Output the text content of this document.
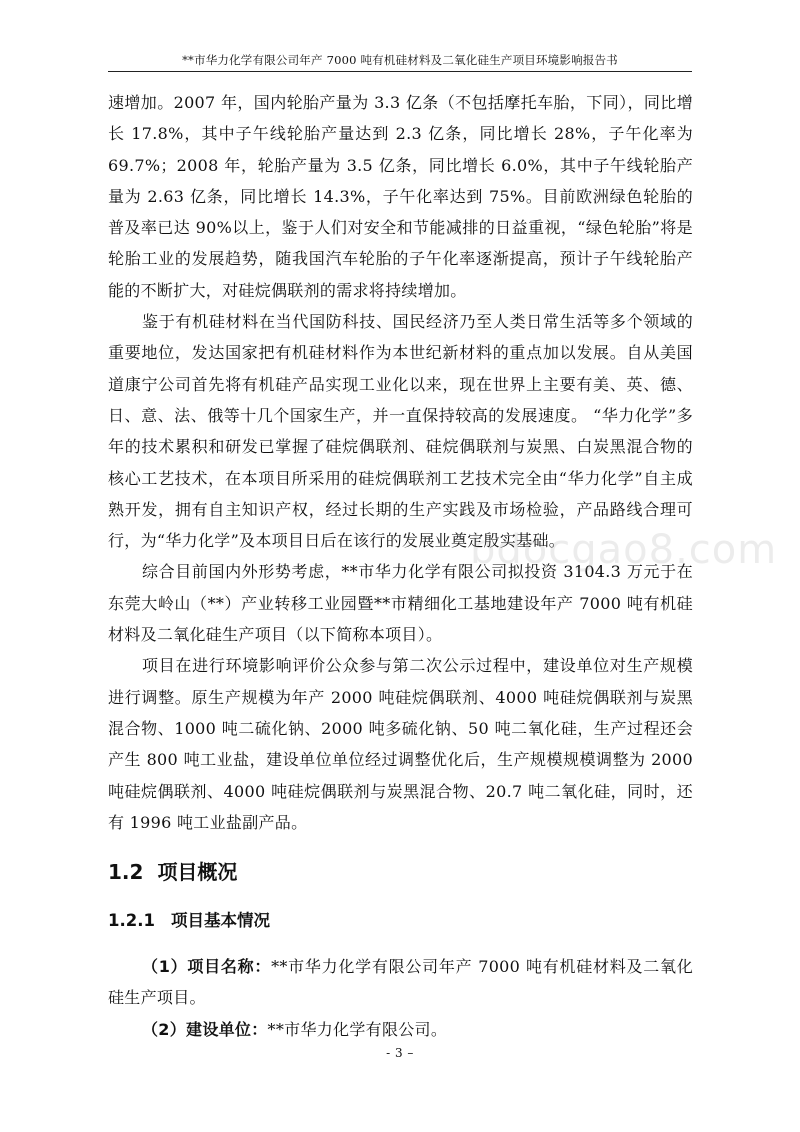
**市华力化学有限公司年产 7000 吨有机硅材料及二氧化硅生产项目环境影响报告书

速增加。2007 年，国内轮胎产量为 3.3 亿条（不包括摩托车胎，下同），同比增长 17.8%，其中子午线轮胎产量达到 2.3 亿条，同比增长 28%，子午化率为 69.7%；2008 年，轮胎产量为 3.5 亿条，同比增长 6.0%，其中子午线轮胎产量为 2.63 亿条，同比增长 14.3%，子午化率达到 75%。目前欧洲绿色轮胎的普及率已达 90%以上，鉴于人们对安全和节能减排的日益重视，“绿色轮胎”将是轮胎工业的发展趋势，随我国汽车轮胎的子午化率逐渐提高，预计子午线轮胎产能的不断扩大，对硅烷偶联剂的需求将持续增加。

鉴于有机硅材料在当代国防科技、国民经济乃至人类日常生活等多个领域的重要地位，发达国家把有机硅材料作为本世纪新材料的重点加以发展。自从美国道康宁公司首先将有机硅产品实现工业化以来，现在世界上主要有美、英、德、日、意、法、俄等十几个国家生产，并一直保持较高的发展速度。 “华力化学”多年的技术累积和研发已掌握了硅烷偶联剂、硅烷偶联剂与炭黑、白炭黑混合物的核心工艺技术，在本项目所采用的硅烷偶联剂工艺技术完全由“华力化学”自主成熟开发，拥有自主知识产权，经过长期的生产实践及市场检验，产品路线合理可行，为“华力化学”及本项目日后在该行的发展业奠定殷实基础。

综合目前国内外形势考虑，**市华力化学有限公司拟投资 3104.3 万元于在东莞大岭山（**）产业转移工业园暨**市精细化工基地建设年产 7000 吨有机硅材料及二氧化硅生产项目（以下简称本项目）。

项目在进行环境影响评价公众参与第二次公示过程中，建设单位对生产规模进行调整。原生产规模为年产 2000 吨硅烷偶联剂、4000 吨硅烷偶联剂与炭黑混合物、1000 吨二硫化钠、2000 吨多硫化钠、50 吨二氧化硅，生产过程还会产生 800 吨工业盐，建设单位单位经过调整优化后，生产规模规模调整为 2000 吨硅烷偶联剂、4000 吨硅烷偶联剂与炭黑混合物、20.7 吨二氧化硅，同时，还有 1996 吨工业盐副产品。

1.2 项目概况
1.2.1 项目基本情况

（1）项目名称：**市华力化学有限公司年产 7000 吨有机硅材料及二氧化硅生产项目。

（2）建设单位：**市华力化学有限公司。

bdocgao8.com
- 3 –
